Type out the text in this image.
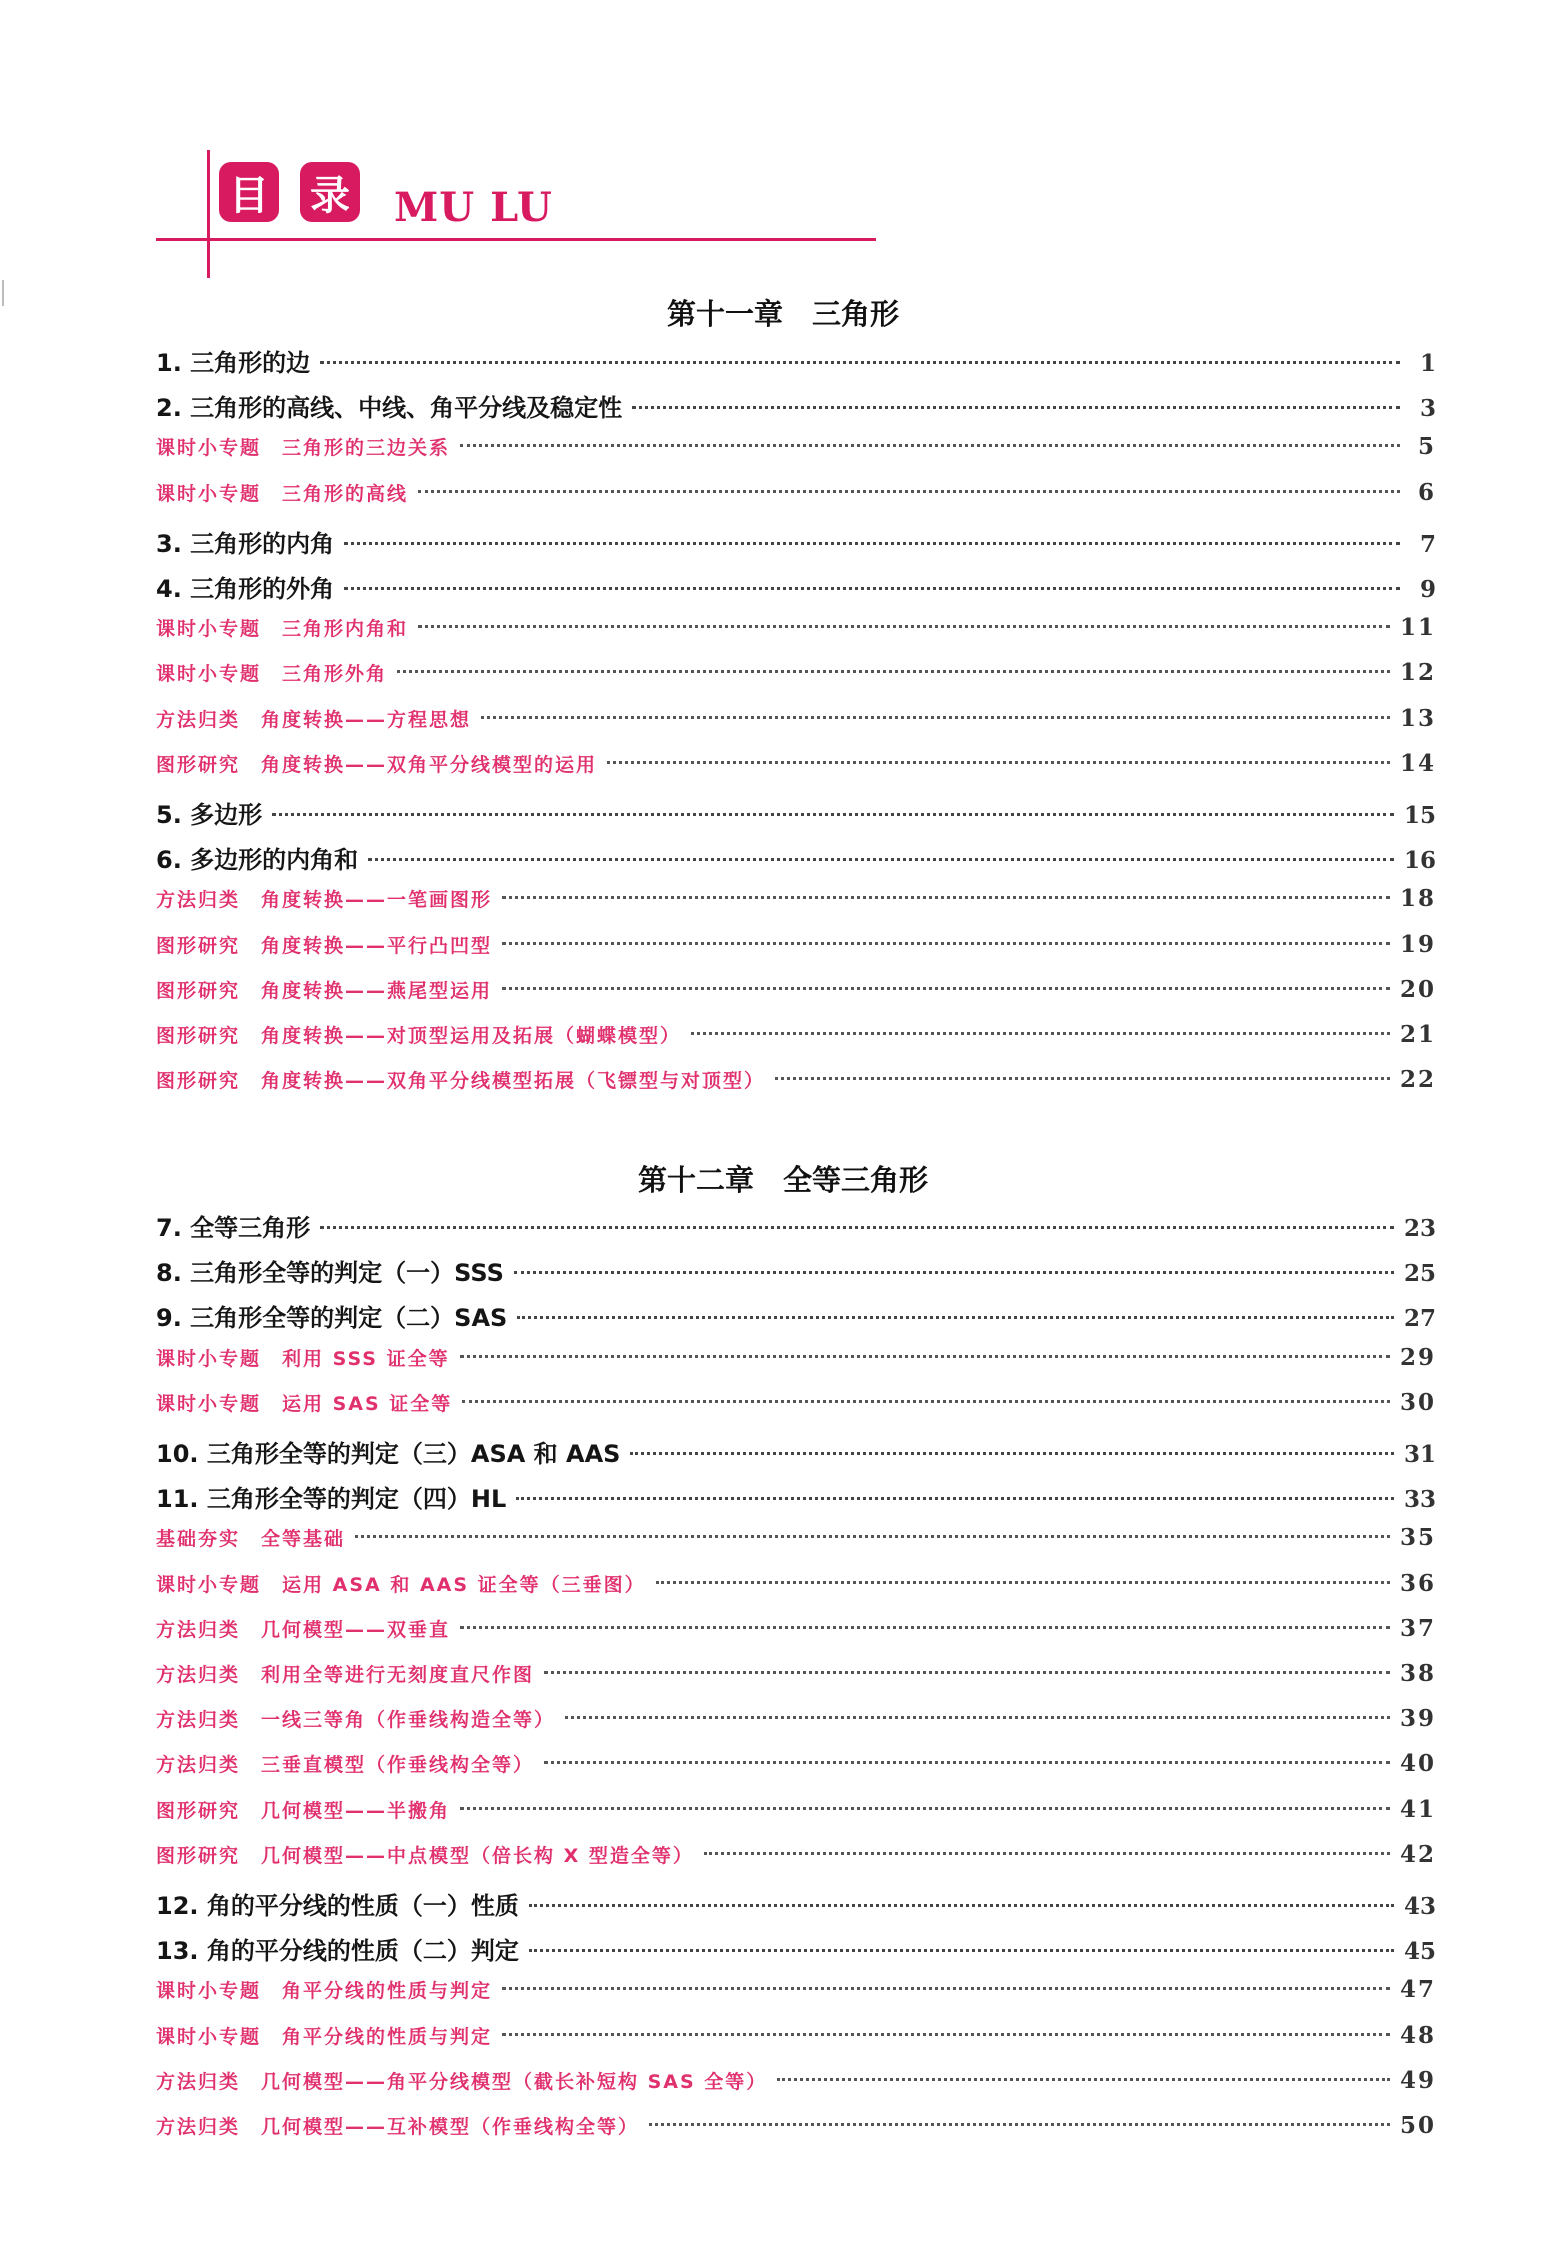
目 录 MU LU
第十一章　三角形
第十二章　全等三角形
1. 三角形的边	1
2. 三角形的高线、中线、角平分线及稳定性	3
课时小专题　三角形的三边关系	5
课时小专题　三角形的高线	6
3. 三角形的内角	7
4. 三角形的外角	9
课时小专题　三角形内角和	11
课时小专题　三角形外角	12
方法归类　角度转换——方程思想	13
图形研究　角度转换——双角平分线模型的运用	14
5. 多边形	15
6. 多边形的内角和	16
方法归类　角度转换——一笔画图形	18
图形研究　角度转换——平行凸凹型	19
图形研究　角度转换——燕尾型运用	20
图形研究　角度转换——对顶型运用及拓展（蝴蝶模型）	21
图形研究　角度转换——双角平分线模型拓展（飞镖型与对顶型）	22
7. 全等三角形	23
8. 三角形全等的判定（一）SSS	25
9. 三角形全等的判定（二）SAS	27
课时小专题　利用 SSS 证全等	29
课时小专题　运用 SAS 证全等	30
10. 三角形全等的判定（三）ASA 和 AAS	31
11. 三角形全等的判定（四）HL	33
基础夯实　全等基础	35
课时小专题　运用 ASA 和 AAS 证全等（三垂图）	36
方法归类　几何模型——双垂直	37
方法归类　利用全等进行无刻度直尺作图	38
方法归类　一线三等角（作垂线构造全等）	39
方法归类　三垂直模型（作垂线构全等）	40
图形研究　几何模型——半搬角	41
图形研究　几何模型——中点模型（倍长构 X 型造全等）	42
12. 角的平分线的性质（一）性质	43
13. 角的平分线的性质（二）判定	45
课时小专题　角平分线的性质与判定	47
课时小专题　角平分线的性质与判定	48
方法归类　几何模型——角平分线模型（截长补短构 SAS 全等）	49
方法归类　几何模型——互补模型（作垂线构全等）	50
